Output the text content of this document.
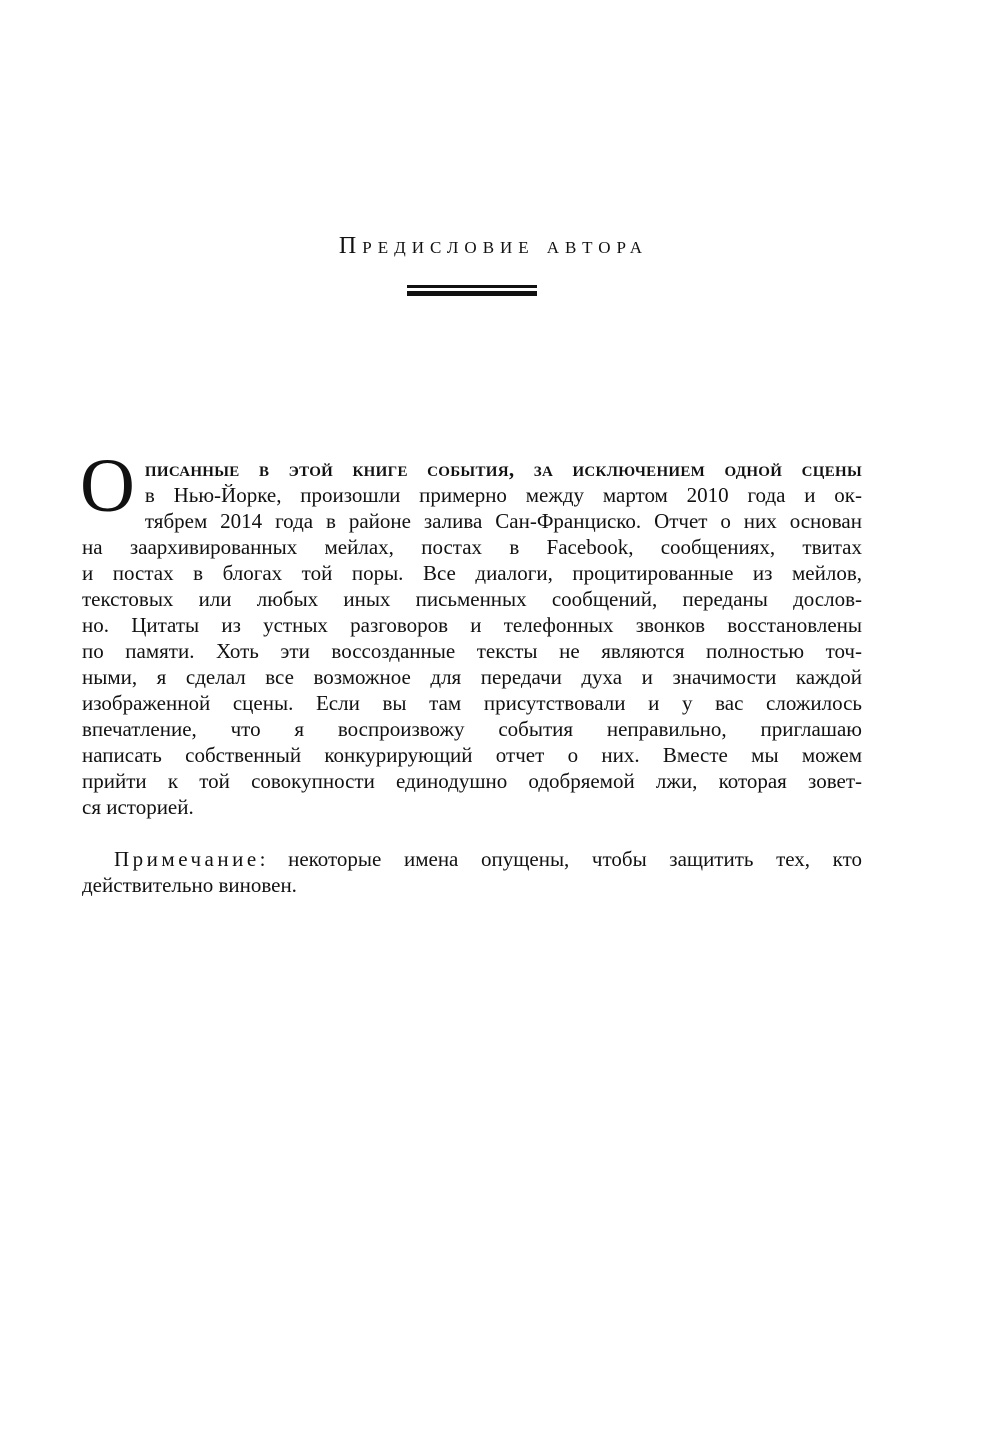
Предисловие автора
О писанные в этой книге события, за исключением одной сцены
в Нью-Йорке, произошли примерно между мартом 2010 года и ок-
тябрем 2014 года в районе залива Сан-Франциско. Отчет о них основан
на заархивированных мейлах, постах в Facebook, сообщениях, твитах
и постах в блогах той поры. Все диалоги, процитированные из мейлов,
текстовых или любых иных письменных сообщений, переданы дослов-
но. Цитаты из устных разговоров и телефонных звонков восстановлены
по памяти. Хоть эти воссозданные тексты не являются полностью точ-
ными, я сделал все возможное для передачи духа и значимости каждой
изображенной сцены. Если вы там присутствовали и у вас сложилось
впечатление, что я воспроизвожу события неправильно, приглашаю
написать собственный конкурирующий отчет о них. Вместе мы можем
прийти к той совокупности единодушно одобряемой лжи, которая зовет-
ся историей.
Примечание: некоторые имена опущены, чтобы защитить тех, кто
действительно виновен.
